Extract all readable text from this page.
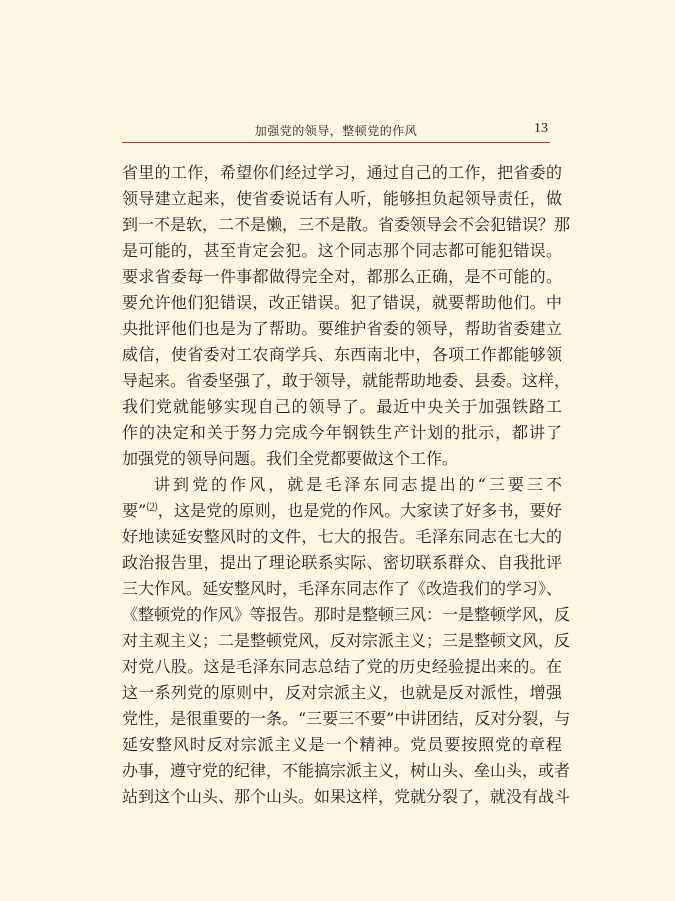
加强党的领导，整顿党的作风	13
省里的工作，希望你们经过学习，通过自己的工作，把省委的
领导建立起来，使省委说话有人听，能够担负起领导责任，做
到一不是软，二不是懒，三不是散。省委领导会不会犯错误？那
是可能的，甚至肯定会犯。这个同志那个同志都可能犯错误。
要求省委每一件事都做得完全对，都那么正确，是不可能的。
要允许他们犯错误，改正错误。犯了错误，就要帮助他们。中
央批评他们也是为了帮助。要维护省委的领导，帮助省委建立
威信，使省委对工农商学兵、东西南北中，各项工作都能够领
导起来。省委坚强了，敢于领导，就能帮助地委、县委。这样，
我们党就能够实现自己的领导了。最近中央关于加强铁路工
作的决定和关于努力完成今年钢铁生产计划的批示，都讲了
加强党的领导问题。我们全党都要做这个工作。
讲到党的作风，就是毛泽东同志提出的“三要三不
要”⑵，这是党的原则，也是党的作风。大家读了好多书，要好
好地读延安整风时的文件，七大的报告。毛泽东同志在七大的
政治报告里，提出了理论联系实际、密切联系群众、自我批评
三大作风。延安整风时，毛泽东同志作了《改造我们的学习》、
《整顿党的作风》等报告。那时是整顿三风：一是整顿学风，反
对主观主义；二是整顿党风，反对宗派主义；三是整顿文风，反
对党八股。这是毛泽东同志总结了党的历史经验提出来的。在
这一系列党的原则中，反对宗派主义，也就是反对派性，增强
党性，是很重要的一条。“三要三不要”中讲团结，反对分裂，与
延安整风时反对宗派主义是一个精神。党员要按照党的章程
办事，遵守党的纪律，不能搞宗派主义，树山头、垒山头，或者
站到这个山头、那个山头。如果这样，党就分裂了，就没有战斗
